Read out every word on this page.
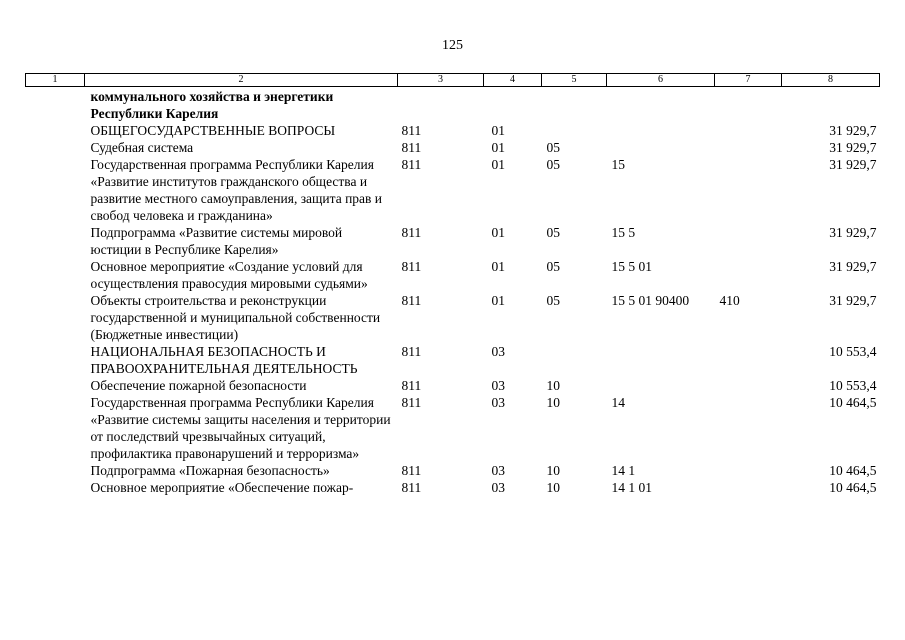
125
1	2	3	4	5	6	7	8
	коммунального хозяйства и энергетики Республики Карелия						
	ОБЩЕГОСУДАРСТВЕННЫЕ ВОПРОСЫ	811	01				31 929,7
	Судебная система	811	01	05			31 929,7
	Государственная программа Республики Карелия «Развитие институтов гражданского общества и развитие местного самоуправления, защита прав и свобод человека и гражданина»	811	01	05	15		31 929,7
	Подпрограмма «Развитие системы мировой юстиции в Республике Карелия»	811	01	05	15 5		31 929,7
	Основное мероприятие «Создание условий для осуществления правосудия мировыми судьями»	811	01	05	15 5 01		31 929,7
	Объекты строительства и реконструкции государственной и муниципальной собственности (Бюджетные инвестиции)	811	01	05	15 5 01 90400	410	31 929,7
	НАЦИОНАЛЬНАЯ БЕЗОПАСНОСТЬ И ПРАВООХРАНИТЕЛЬНАЯ ДЕЯТЕЛЬНОСТЬ	811	03				10 553,4
	Обеспечение пожарной безопасности	811	03	10			10 553,4
	Государственная программа Республики Карелия «Развитие системы защиты населения и территории от последствий чрезвычайных ситуаций, профилактика правонарушений и терроризма»	811	03	10	14		10 464,5
	Подпрограмма «Пожарная безопасность»	811	03	10	14 1		10 464,5
	Основное мероприятие «Обеспечение пожар-	811	03	10	14 1 01		10 464,5
